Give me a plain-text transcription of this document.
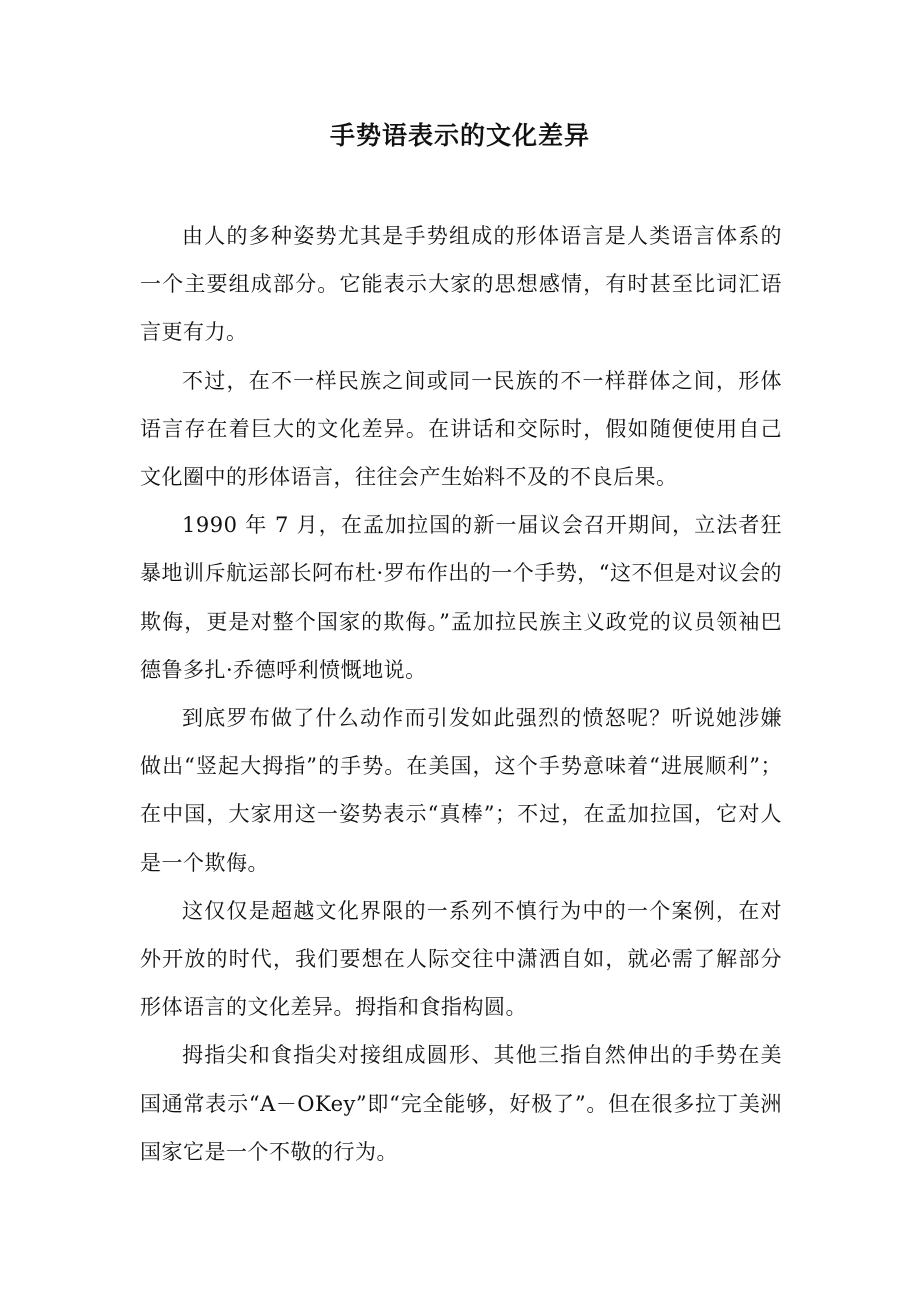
手势语表示的文化差异

由人的多种姿势尤其是手势组成的形体语言是人类语言体系的一个主要组成部分。它能表示大家的思想感情，有时甚至比词汇语言更有力。

不过，在不一样民族之间或同一民族的不一样群体之间，形体语言存在着巨大的文化差异。在讲话和交际时，假如随便使用自己文化圈中的形体语言，往往会产生始料不及的不良后果。

1990 年 7 月，在孟加拉国的新一届议会召开期间，立法者狂暴地训斥航运部长阿布杜·罗布作出的一个手势，“这不但是对议会的欺侮，更是对整个国家的欺侮。”孟加拉民族主义政党的议员领袖巴德鲁多扎·乔德呼利愤慨地说。

到底罗布做了什么动作而引发如此强烈的愤怒呢？听说她涉嫌做出“竖起大拇指”的手势。在美国，这个手势意味着“进展顺利”；在中国，大家用这一姿势表示“真棒”；不过，在孟加拉国，它对人是一个欺侮。

这仅仅是超越文化界限的一系列不慎行为中的一个案例，在对外开放的时代，我们要想在人际交往中潇洒自如，就必需了解部分形体语言的文化差异。拇指和食指构圆。

拇指尖和食指尖对接组成圆形、其他三指自然伸出的手势在美国通常表示“A－OKey”即“完全能够，好极了”。但在很多拉丁美洲国家它是一个不敬的行为。
